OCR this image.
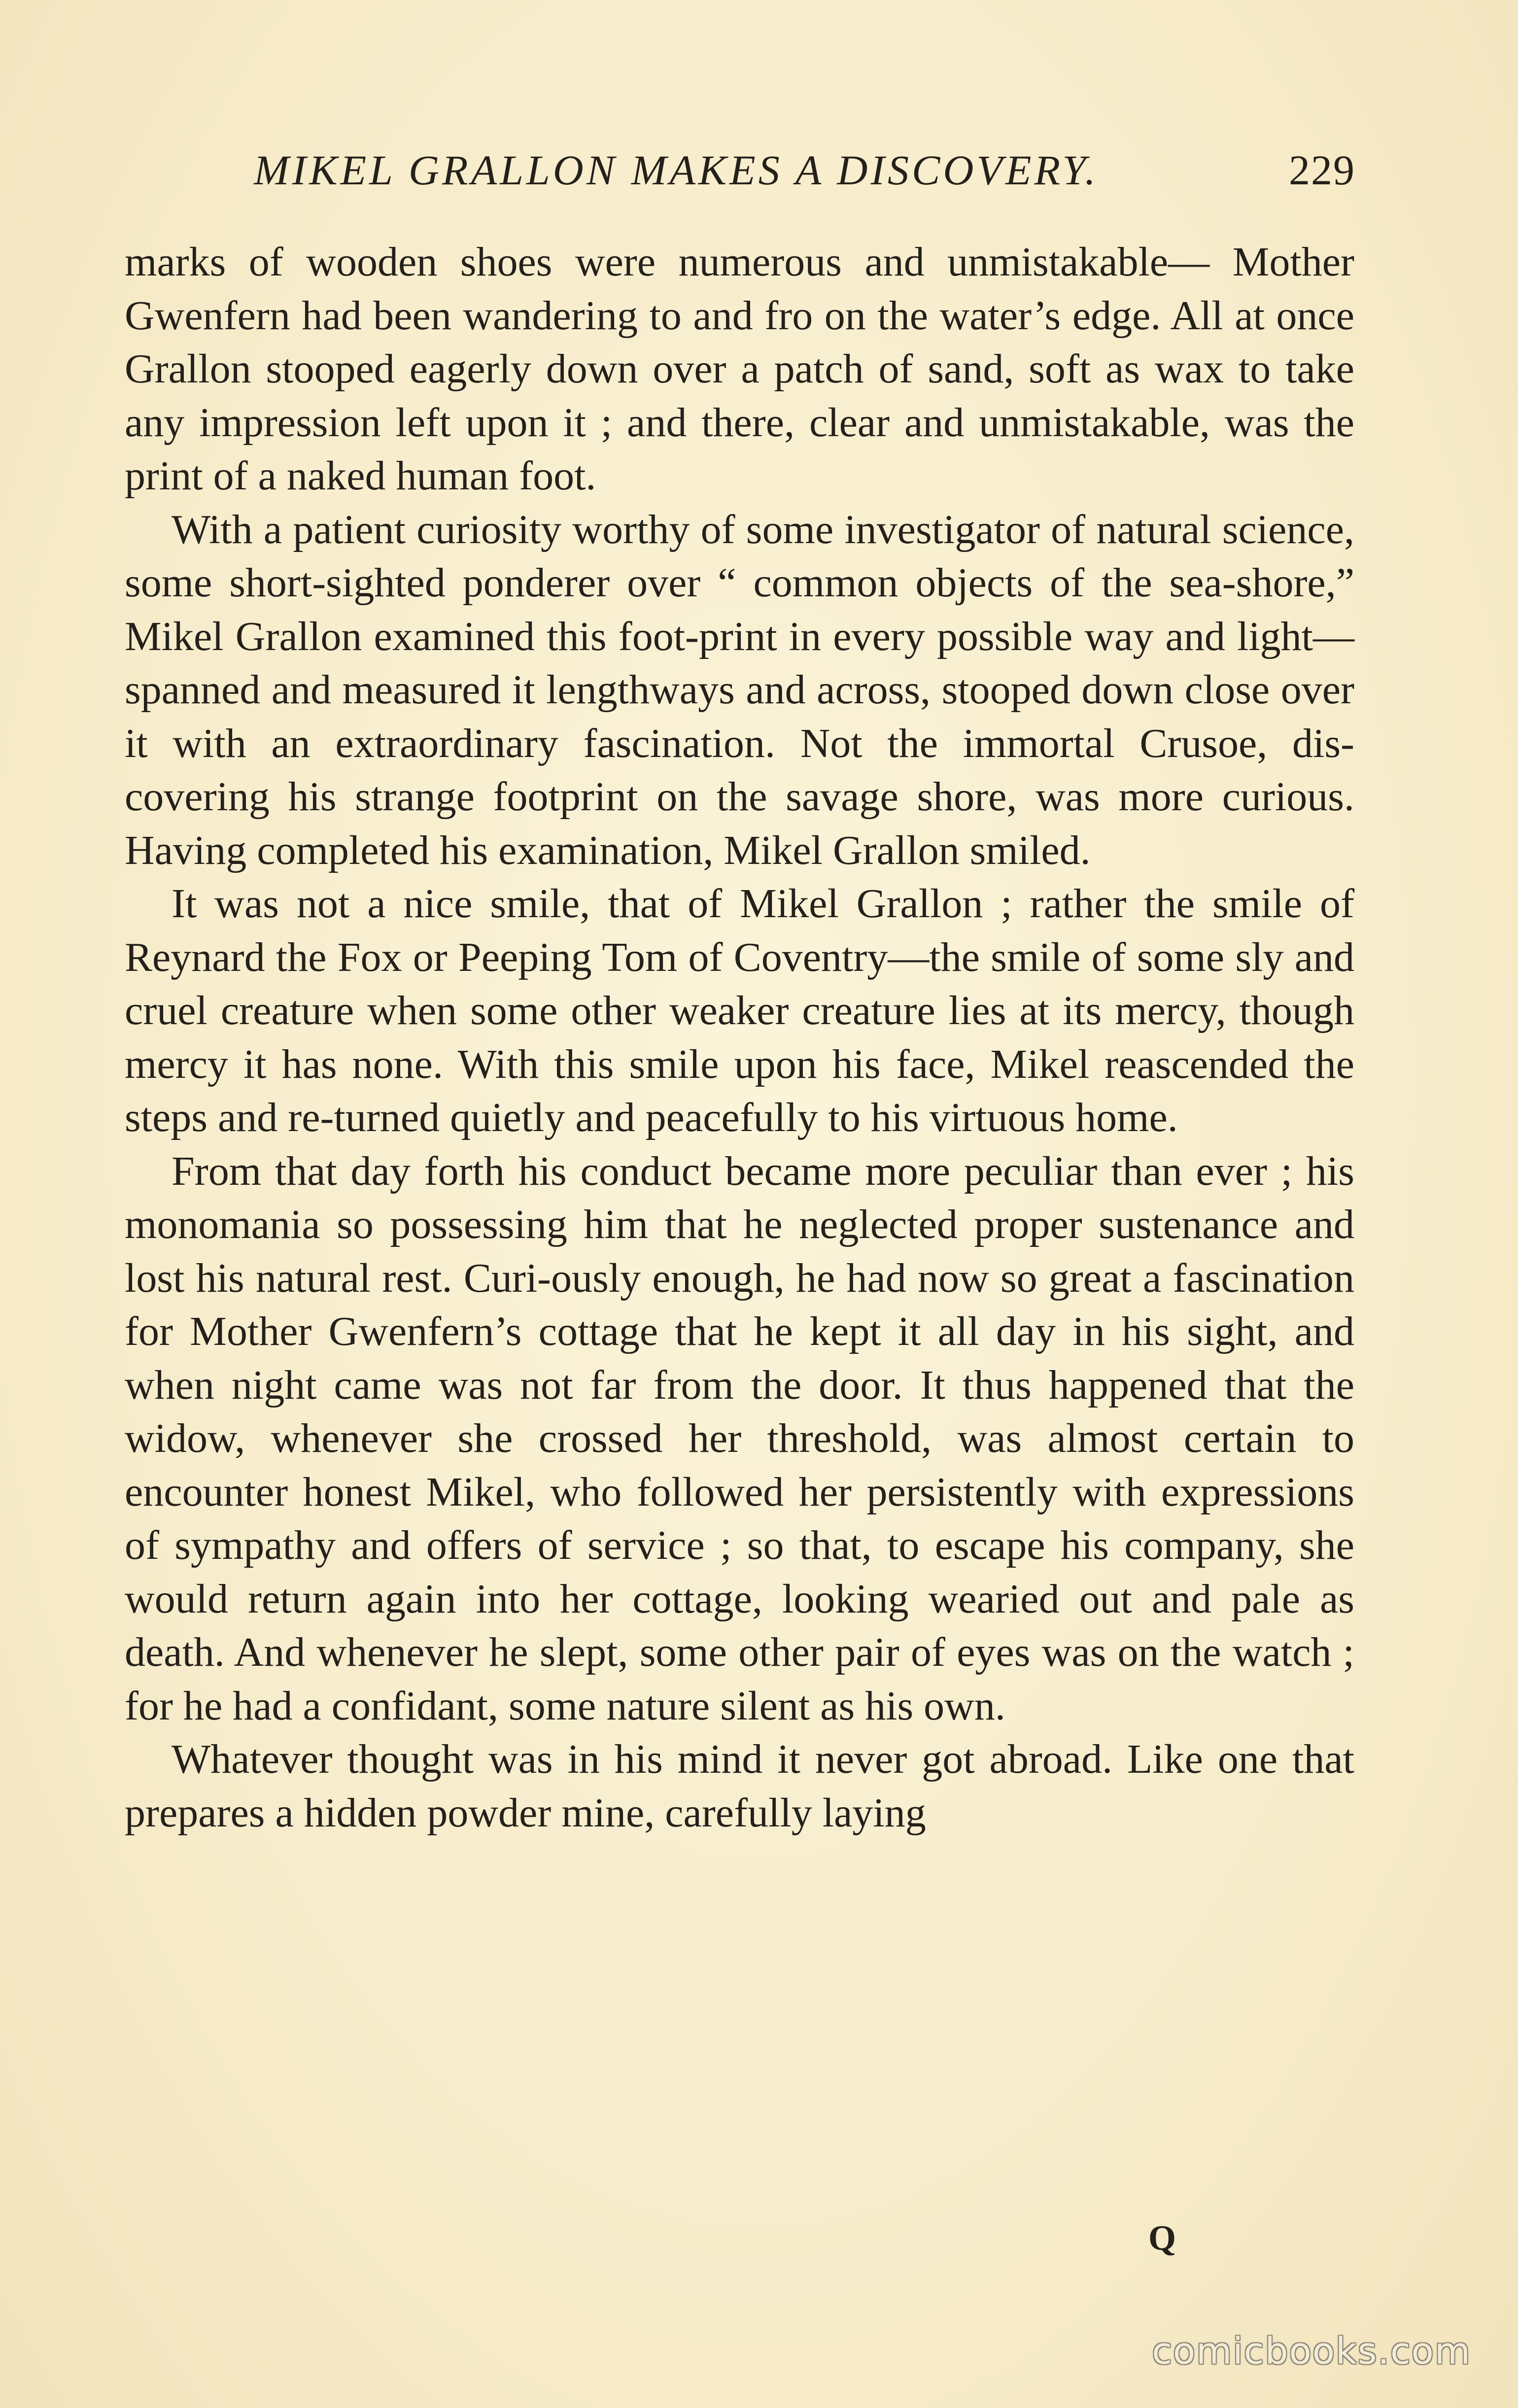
MIKEL GRALLON MAKES A DISCOVERY.	229

marks of wooden shoes were numerous and unmistakable— Mother Gwenfern had been wandering to and fro on the water’s edge. All at once Grallon stooped eagerly down over a patch of sand, soft as wax to take any impression left upon it ; and there, clear and unmistakable, was the print of a naked human foot.

With a patient curiosity worthy of some investigator of natural science, some short-sighted ponderer over “ common objects of the sea-shore,” Mikel Grallon examined this foot-print in every possible way and light—spanned and measured it lengthways and across, stooped down close over it with an extraordinary fascination. Not the immortal Crusoe, dis-covering his strange footprint on the savage shore, was more curious. Having completed his examination, Mikel Grallon smiled.

It was not a nice smile, that of Mikel Grallon ; rather the smile of Reynard the Fox or Peeping Tom of Coventry—the smile of some sly and cruel creature when some other weaker creature lies at its mercy, though mercy it has none. With this smile upon his face, Mikel reascended the steps and re-turned quietly and peacefully to his virtuous home.

From that day forth his conduct became more peculiar than ever ; his monomania so possessing him that he neglected proper sustenance and lost his natural rest. Curi-ously enough, he had now so great a fascination for Mother Gwenfern’s cottage that he kept it all day in his sight, and when night came was not far from the door. It thus happened that the widow, whenever she crossed her threshold, was almost certain to encounter honest Mikel, who followed her persistently with expressions of sympathy and offers of service ; so that, to escape his company, she would return again into her cottage, looking wearied out and pale as death. And whenever he slept, some other pair of eyes was on the watch ; for he had a confidant, some nature silent as his own.

Whatever thought was in his mind it never got abroad. Like one that prepares a hidden powder mine, carefully laying

Q
comicbooks.com
